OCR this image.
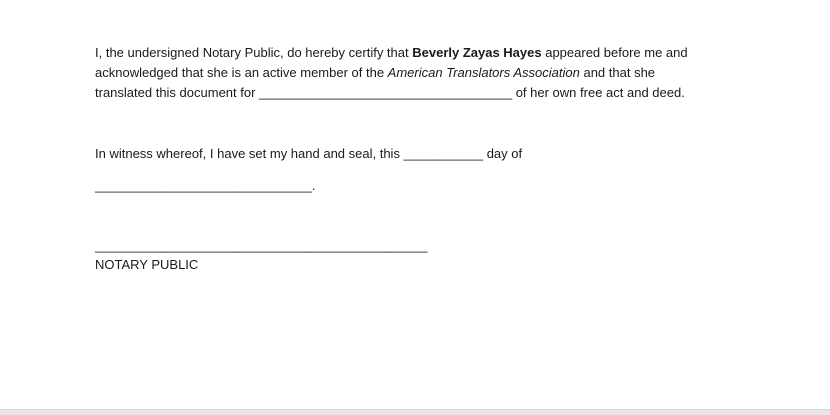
I, the undersigned Notary Public, do hereby certify that Beverly Zayas Hayes appeared before me and
acknowledged that she is an active member of the American Translators Association and that she
translated this document for ___________________________________ of her own free act and deed.

In witness whereof, I have set my hand and seal, this ___________ day of

______________________________.

______________________________________________
NOTARY PUBLIC
